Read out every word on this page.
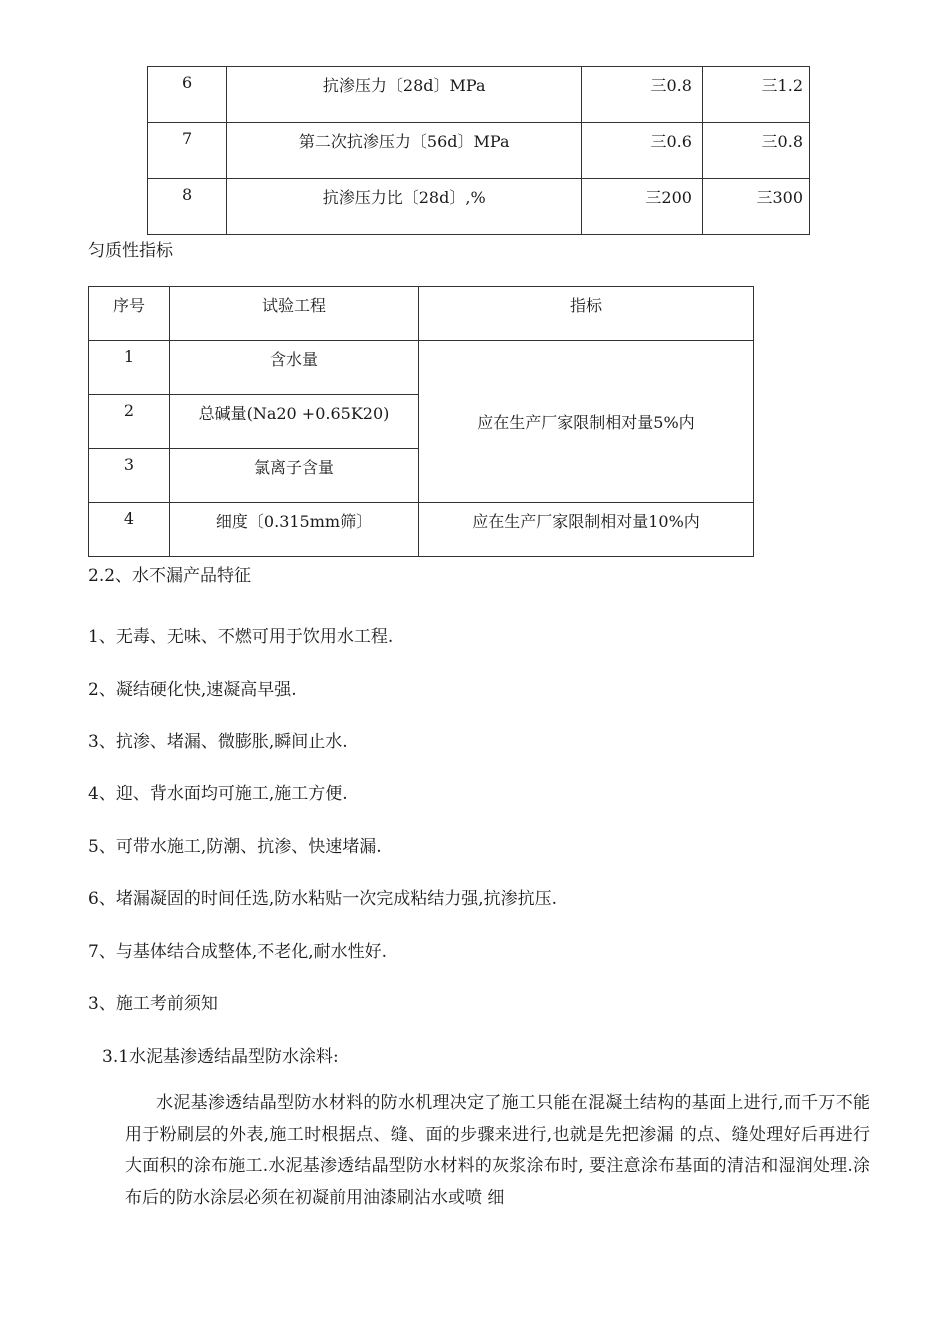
6	抗渗压力〔28d〕MPa	三0.8	三1.2
7	第二次抗渗压力〔56d〕MPa	三0.6	三0.8
8	抗渗压力比〔28d〕,%	三200	三300

匀质性指标

序号	试验工程	指标
1	含水量	应在生产厂家限制相对量5%内
2	总碱量(Na20 +0.65K20)	
3	氯离子含量	
4	细度〔0.315mm筛〕	应在生产厂家限制相对量10%内

2.2、水不漏产品特征

1、无毒、无味、不燃可用于饮用水工程.

2、凝结硬化快,速凝高早强.

3、抗渗、堵漏、微膨胀,瞬间止水.

4、迎、背水面均可施工,施工方便.

5、可带水施工,防潮、抗渗、快速堵漏.

6、堵漏凝固的时间任选,防水粘贴一次完成粘结力强,抗渗抗压.

7、与基体结合成整体,不老化,耐水性好.

3、施工考前须知

3.1水泥基渗透结晶型防水涂料:

水泥基渗透结晶型防水材料的防水机理决定了施工只能在混凝土结构的基面上进行,而千万不能用于粉刷层的外表,施工时根据点、缝、面的步骤来进行,也就是先把渗漏 的点、缝处理好后再进行大面积的涂布施工.水泥基渗透结晶型防水材料的灰浆涂布时, 要注意涂布基面的清洁和湿润处理.涂布后的防水涂层必须在初凝前用油漆刷沾水或喷 细
